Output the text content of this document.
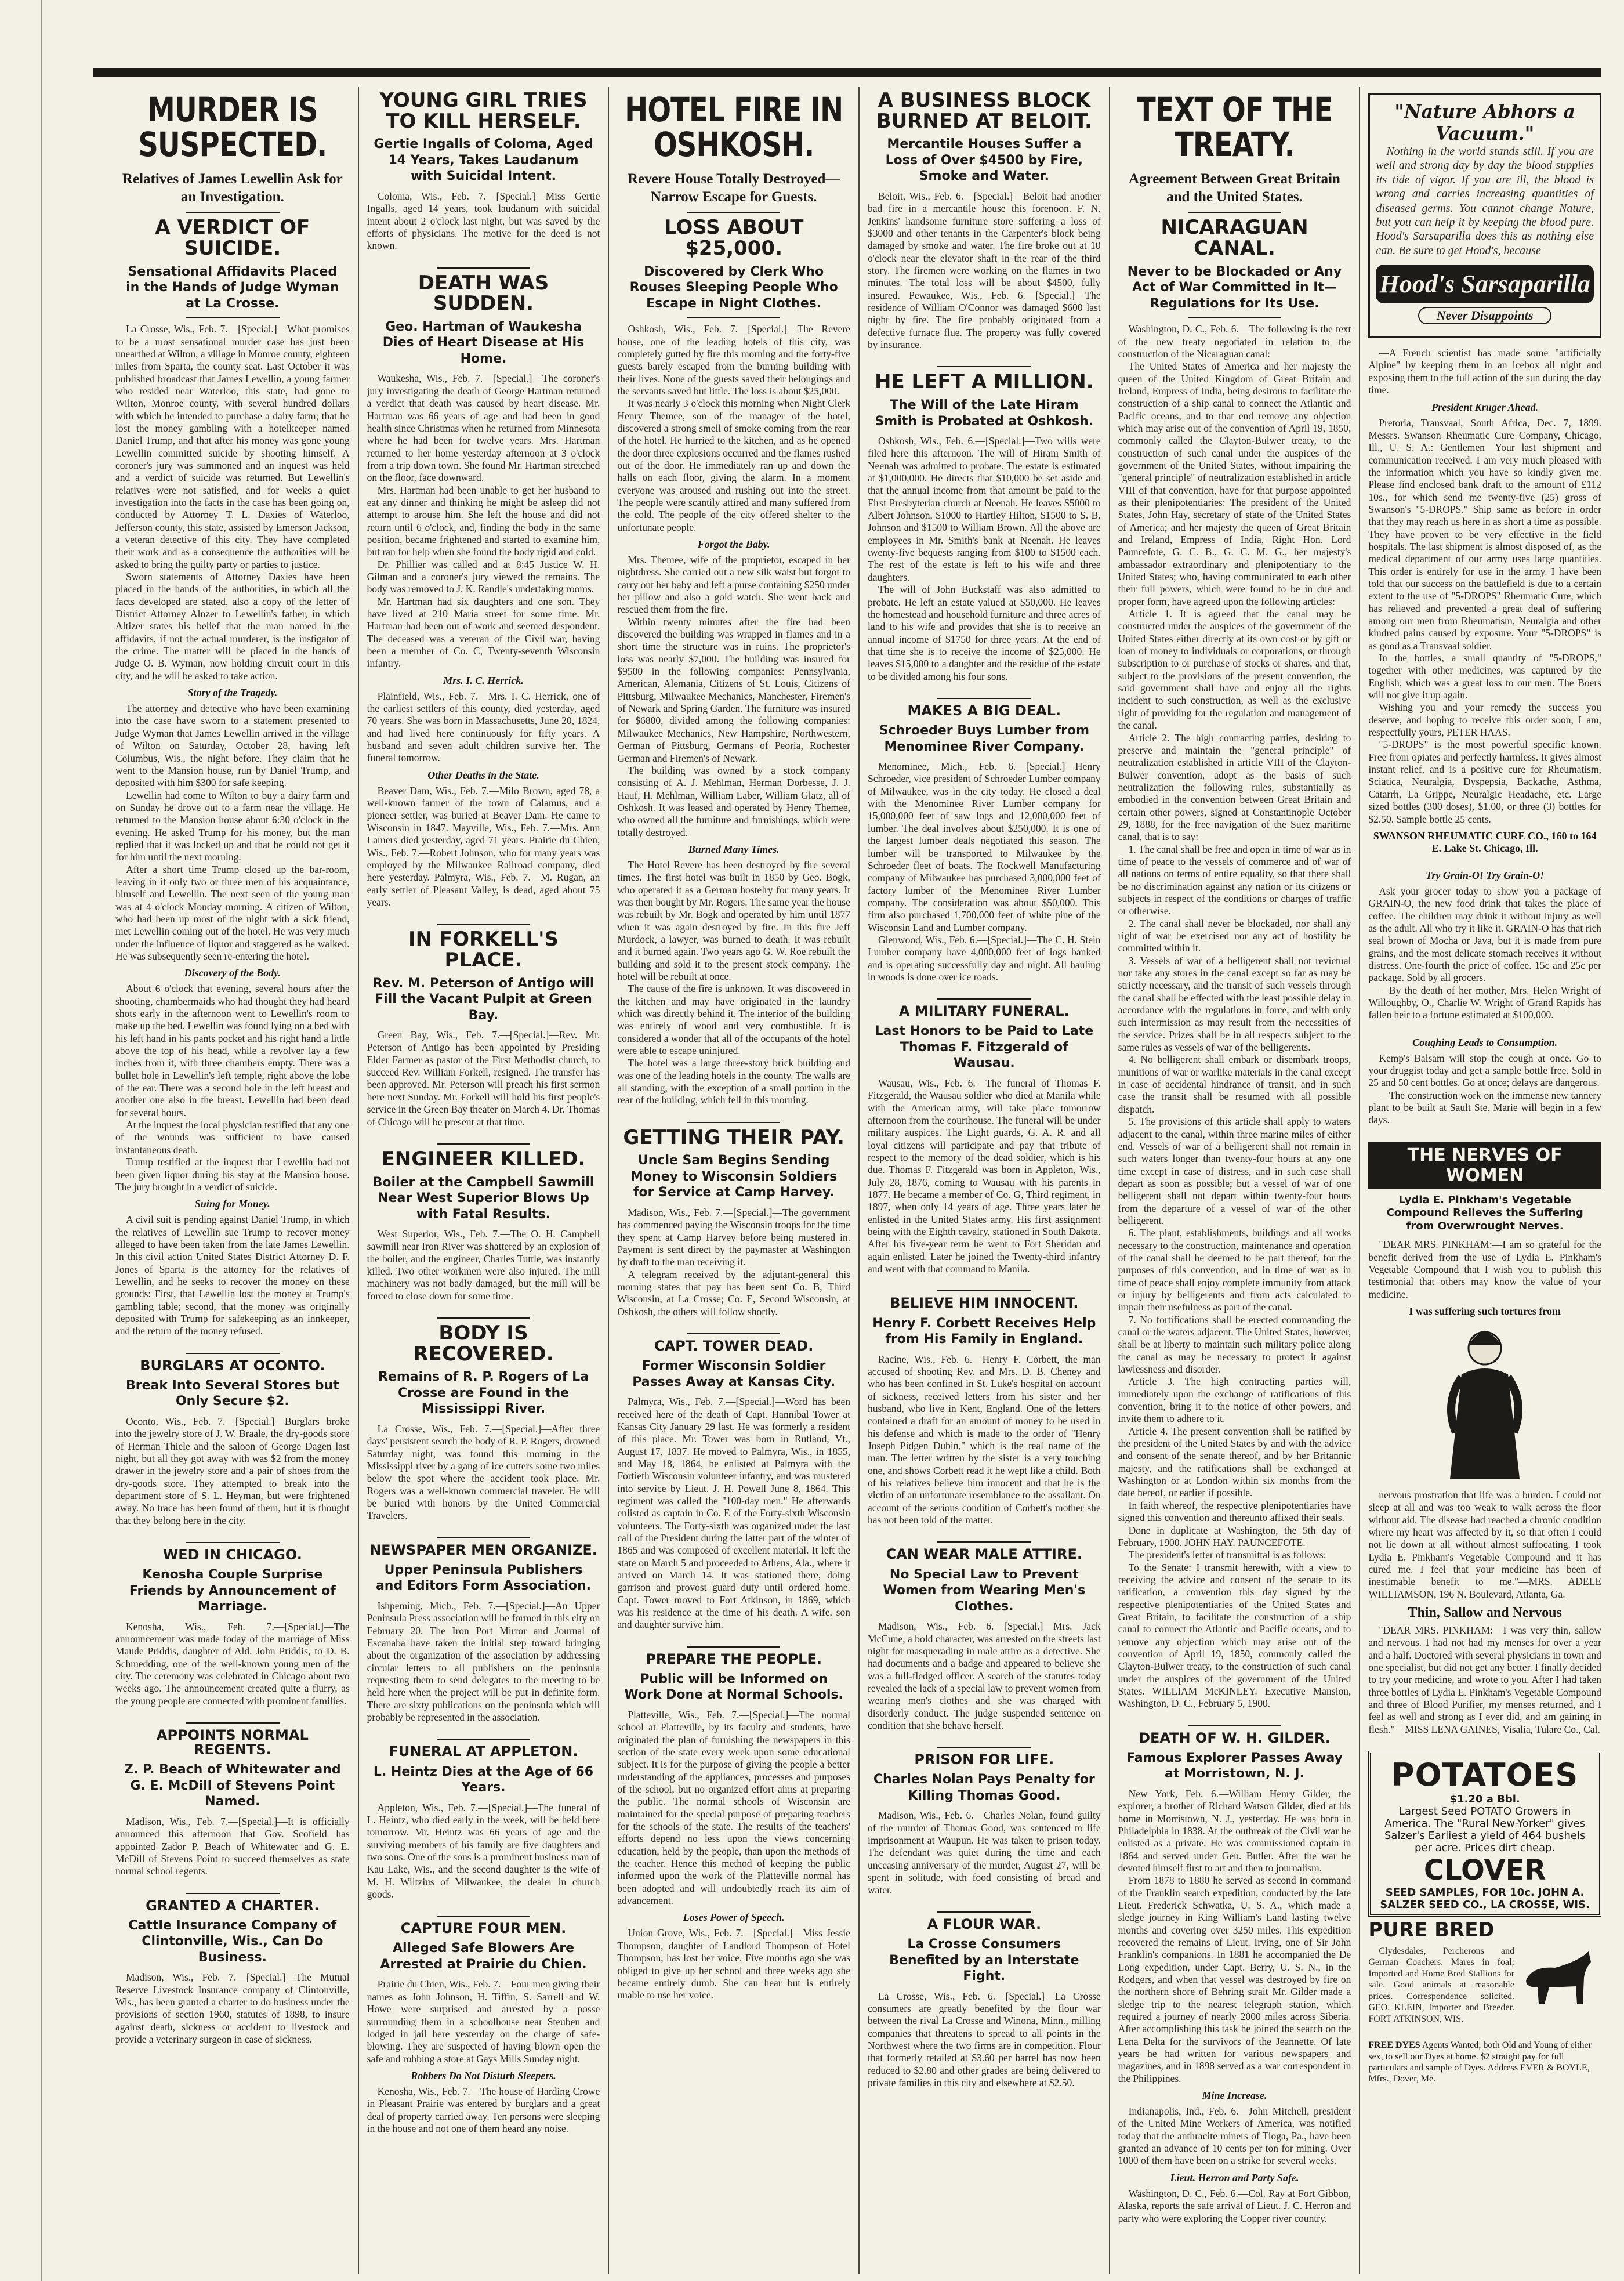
MURDER IS SUSPECTED.
Relatives of James Lewellin Ask for an Investigation.
A VERDICT OF SUICIDE.
Sensational Affidavits Placed in the Hands of Judge Wyman at La Crosse.

La Crosse, Wis., Feb. 7.—[Special.]—What promises to be a most sensational murder case has just been unearthed at Wilton, a village in Monroe county, eighteen miles from Sparta, the county seat. Last October it was published broadcast that James Lewellin, a young farmer who resided near Waterloo, this state, had gone to Wilton, Monroe county, with several hundred dollars with which he intended to purchase a dairy farm; that he lost the money gambling with a hotelkeeper named Daniel Trump, and that after his money was gone young Lewellin committed suicide by shooting himself. A coroner's jury was summoned and an inquest was held and a verdict of suicide was returned. But Lewellin's relatives were not satisfied, and for weeks a quiet investigation into the facts in the case has been going on, conducted by Attorney T. L. Daxies of Waterloo, Jefferson county, this state, assisted by Emerson Jackson, a veteran detective of this city. They have completed their work and as a consequence the authorities will be asked to bring the guilty party or parties to justice.

Sworn statements of Attorney Daxies have been placed in the hands of the authorities, in which all the facts developed are stated, also a copy of the letter of District Attorney Alnzer to Lewellin's father, in which Altizer states his belief that the man named in the affidavits, if not the actual murderer, is the instigator of the crime. The matter will be placed in the hands of Judge O. B. Wyman, now holding circuit court in this city, and he will be asked to take action.

Story of the Tragedy.

The attorney and detective who have been examining into the case have sworn to a statement presented to Judge Wyman that James Lewellin arrived in the village of Wilton on Saturday, October 28, having left Columbus, Wis., the night before. They claim that he went to the Mansion house, run by Daniel Trump, and deposited with him $300 for safe keeping.

Lewellin had come to Wilton to buy a dairy farm and on Sunday he drove out to a farm near the village. He returned to the Mansion house about 6:30 o'clock in the evening. He asked Trump for his money, but the man replied that it was locked up and that he could not get it for him until the next morning.

After a short time Trump closed up the bar-room, leaving in it only two or three men of his acquaintance, himself and Lewellin. The next seen of the young man was at 4 o'clock Monday morning. A citizen of Wilton, who had been up most of the night with a sick friend, met Lewellin coming out of the hotel. He was very much under the influence of liquor and staggered as he walked. He was subsequently seen re-entering the hotel.

Discovery of the Body.

About 6 o'clock that evening, several hours after the shooting, chambermaids who had thought they had heard shots early in the afternoon went to Lewellin's room to make up the bed. Lewellin was found lying on a bed with his left hand in his pants pocket and his right hand a little above the top of his head, while a revolver lay a few inches from it, with three chambers empty. There was a bullet hole in Lewellin's left temple, right above the lobe of the ear. There was a second hole in the left breast and another one also in the breast. Lewellin had been dead for several hours.

At the inquest the local physician testified that any one of the wounds was sufficient to have caused instantaneous death.

Trump testified at the inquest that Lewellin had not been given liquor during his stay at the Mansion house. The jury brought in a verdict of suicide.

Suing for Money.

A civil suit is pending against Daniel Trump, in which the relatives of Lewellin sue Trump to recover money alleged to have been taken from the late James Lewellin. In this civil action United States District Attorney D. F. Jones of Sparta is the attorney for the relatives of Lewellin, and he seeks to recover the money on these grounds: First, that Lewellin lost the money at Trump's gambling table; second, that the money was originally deposited with Trump for safekeeping as an innkeeper, and the return of the money refused.

BURGLARS AT OCONTO.
Break Into Several Stores but Only Secure $2.

Oconto, Wis., Feb. 7.—[Special.]—Burglars broke into the jewelry store of J. W. Braale, the dry-goods store of Herman Thiele and the saloon of George Dagen last night, but all they got away with was $2 from the money drawer in the jewelry store and a pair of shoes from the dry-goods store. They attempted to break into the department store of S. L. Heyman, but were frightened away. No trace has been found of them, but it is thought that they belong here in the city.

WED IN CHICAGO.
Kenosha Couple Surprise Friends by Announcement of Marriage.

Kenosha, Wis., Feb. 7.—[Special.]—The announcement was made today of the marriage of Miss Maude Priddis, daughter of Ald. John Priddis, to D. B. Schmedding, one of the well-known young men of the city. The ceremony was celebrated in Chicago about two weeks ago. The announcement created quite a flurry, as the young people are connected with prominent families.

APPOINTS NORMAL REGENTS.
Z. P. Beach of Whitewater and G. E. McDill of Stevens Point Named.

Madison, Wis., Feb. 7.—[Special.]—It is officially announced this afternoon that Gov. Scofield has appointed Zador P. Beach of Whitewater and G. E. McDill of Stevens Point to succeed themselves as state normal school regents.

GRANTED A CHARTER.
Cattle Insurance Company of Clintonville, Wis., Can Do Business.

Madison, Wis., Feb. 7.—[Special.]—The Mutual Reserve Livestock Insurance company of Clintonville, Wis., has been granted a charter to do business under the provisions of section 1960, statutes of 1898, to insure against death, sickness or accident to livestock and provide a veterinary surgeon in case of sickness.

YOUNG GIRL TRIES TO KILL HERSELF.
Gertie Ingalls of Coloma, Aged 14 Years, Takes Laudanum with Suicidal Intent.

Coloma, Wis., Feb. 7.—[Special.]—Miss Gertie Ingalls, aged 14 years, took laudanum with suicidal intent about 2 o'clock last night, but was saved by the efforts of physicians. The motive for the deed is not known.

DEATH WAS SUDDEN.
Geo. Hartman of Waukesha Dies of Heart Disease at His Home.

Waukesha, Wis., Feb. 7.—[Special.]—The coroner's jury investigating the death of George Hartman returned a verdict that death was caused by heart disease. Mr. Hartman was 66 years of age and had been in good health since Christmas when he returned from Minnesota where he had been for twelve years. Mrs. Hartman returned to her home yesterday afternoon at 3 o'clock from a trip down town. She found Mr. Hartman stretched on the floor, face downward.

Mrs. Hartman had been unable to get her husband to eat any dinner and thinking he might be asleep did not attempt to arouse him. She left the house and did not return until 6 o'clock, and, finding the body in the same position, became frightened and started to examine him, but ran for help when she found the body rigid and cold.

Dr. Phillier was called and at 8:45 Justice W. H. Gilman and a coroner's jury viewed the remains. The body was removed to J. K. Randle's undertaking rooms.

Mr. Hartman had six daughters and one son. They have lived at 210 Maria street for some time. Mr. Hartman had been out of work and seemed despondent. The deceased was a veteran of the Civil war, having been a member of Co. C, Twenty-seventh Wisconsin infantry.

Mrs. I. C. Herrick.

Plainfield, Wis., Feb. 7.—Mrs. I. C. Herrick, one of the earliest settlers of this county, died yesterday, aged 70 years. She was born in Massachusetts, June 20, 1824, and had lived here continuously for fifty years. A husband and seven adult children survive her. The funeral tomorrow.

Other Deaths in the State.

Beaver Dam, Wis., Feb. 7.—Milo Brown, aged 78, a well-known farmer of the town of Calamus, and a pioneer settler, was buried at Beaver Dam. He came to Wisconsin in 1847. Mayville, Wis., Feb. 7.—Mrs. Ann Lamers died yesterday, aged 71 years. Prairie du Chien, Wis., Feb. 7.—Robert Johnson, who for many years was employed by the Milwaukee Railroad company, died here yesterday. Palmyra, Wis., Feb. 7.—M. Rugan, an early settler of Pleasant Valley, is dead, aged about 75 years.

IN FORKELL'S PLACE.
Rev. M. Peterson of Antigo will Fill the Vacant Pulpit at Green Bay.

Green Bay, Wis., Feb. 7.—[Special.]—Rev. Mr. Peterson of Antigo has been appointed by Presiding Elder Farmer as pastor of the First Methodist church, to succeed Rev. William Forkell, resigned. The transfer has been approved. Mr. Peterson will preach his first sermon here next Sunday. Mr. Forkell will hold his first people's service in the Green Bay theater on March 4. Dr. Thomas of Chicago will be present at that time.

ENGINEER KILLED.
Boiler at the Campbell Sawmill Near West Superior Blows Up with Fatal Results.

West Superior, Wis., Feb. 7.—The O. H. Campbell sawmill near Iron River was shattered by an explosion of the boiler, and the engineer, Charles Tuttle, was instantly killed. Two other workmen were also injured. The mill machinery was not badly damaged, but the mill will be forced to close down for some time.

BODY IS RECOVERED.
Remains of R. P. Rogers of La Crosse are Found in the Mississippi River.

La Crosse, Wis., Feb. 7.—[Special.]—After three days' persistent search the body of R. P. Rogers, drowned Saturday night, was found this morning in the Mississippi river by a gang of ice cutters some two miles below the spot where the accident took place. Mr. Rogers was a well-known commercial traveler. He will be buried with honors by the United Commercial Travelers.

NEWSPAPER MEN ORGANIZE.
Upper Peninsula Publishers and Editors Form Association.

Ishpeming, Mich., Feb. 7.—[Special.]—An Upper Peninsula Press association will be formed in this city on February 20. The Iron Port Mirror and Journal of Escanaba have taken the initial step toward bringing about the organization of the association by addressing circular letters to all publishers on the peninsula requesting them to send delegates to the meeting to be held here when the project will be put in definite form. There are sixty publications on the peninsula which will probably be represented in the association.

FUNERAL AT APPLETON.
L. Heintz Dies at the Age of 66 Years.

Appleton, Wis., Feb. 7.—[Special.]—The funeral of L. Heintz, who died early in the week, will be held here tomorrow. Mr. Heintz was 66 years of age and the surviving members of his family are five daughters and two sons. One of the sons is a prominent business man of Kau Lake, Wis., and the second daughter is the wife of M. H. Wiltzius of Milwaukee, the dealer in church goods.

CAPTURE FOUR MEN.
Alleged Safe Blowers Are Arrested at Prairie du Chien.

Prairie du Chien, Wis., Feb. 7.—Four men giving their names as John Johnson, H. Tiffin, S. Sarrell and W. Howe were surprised and arrested by a posse surrounding them in a schoolhouse near Steuben and lodged in jail here yesterday on the charge of safe-blowing. They are suspected of having blown open the safe and robbing a store at Gays Mills Sunday night.

Robbers Do Not Disturb Sleepers.

Kenosha, Wis., Feb. 7.—The house of Harding Crowe in Pleasant Prairie was entered by burglars and a great deal of property carried away. Ten persons were sleeping in the house and not one of them heard any noise.

HOTEL FIRE IN OSHKOSH.
Revere House Totally Destroyed—Narrow Escape for Guests.
LOSS ABOUT $25,000.
Discovered by Clerk Who Rouses Sleeping People Who Escape in Night Clothes.

Oshkosh, Wis., Feb. 7.—[Special.]—The Revere house, one of the leading hotels of this city, was completely gutted by fire this morning and the forty-five guests barely escaped from the burning building with their lives. None of the guests saved their belongings and the servants saved but little. The loss is about $25,000.

It was nearly 3 o'clock this morning when Night Clerk Henry Themee, son of the manager of the hotel, discovered a strong smell of smoke coming from the rear of the hotel. He hurried to the kitchen, and as he opened the door three explosions occurred and the flames rushed out of the door. He immediately ran up and down the halls on each floor, giving the alarm. In a moment everyone was aroused and rushing out into the street. The people were scantily attired and many suffered from the cold. The people of the city offered shelter to the unfortunate people.

Forgot the Baby.

Mrs. Themee, wife of the proprietor, escaped in her nightdress. She carried out a new silk waist but forgot to carry out her baby and left a purse containing $250 under her pillow and also a gold watch. She went back and rescued them from the fire.

Within twenty minutes after the fire had been discovered the building was wrapped in flames and in a short time the structure was in ruins. The proprietor's loss was nearly $7,000. The building was insured for $9500 in the following companies: Pennsylvania, American, Alemania, Citizens of St. Louis, Citizens of Pittsburg, Milwaukee Mechanics, Manchester, Firemen's of Newark and Spring Garden. The furniture was insured for $6800, divided among the following companies: Milwaukee Mechanics, New Hampshire, Northwestern, German of Pittsburg, Germans of Peoria, Rochester German and Firemen's of Newark.

The building was owned by a stock company consisting of A. J. Mehlman, Herman Dorbesse, J. J. Hauf, H. Mehlman, William Laber, William Glatz, all of Oshkosh. It was leased and operated by Henry Themee, who owned all the furniture and furnishings, which were totally destroyed.

Burned Many Times.

The Hotel Revere has been destroyed by fire several times. The first hotel was built in 1850 by Geo. Bogk, who operated it as a German hostelry for many years. It was then bought by Mr. Rogers. The same year the house was rebuilt by Mr. Bogk and operated by him until 1877 when it was again destroyed by fire. In this fire Jeff Murdock, a lawyer, was burned to death. It was rebuilt and it burned again. Two years ago G. W. Roe rebuilt the building and sold it to the present stock company. The hotel will be rebuilt at once.

The cause of the fire is unknown. It was discovered in the kitchen and may have originated in the laundry which was directly behind it. The interior of the building was entirely of wood and very combustible. It is considered a wonder that all of the occupants of the hotel were able to escape uninjured.

The hotel was a large three-story brick building and was one of the leading hotels in the county. The walls are all standing, with the exception of a small portion in the rear of the building, which fell in this morning.

GETTING THEIR PAY.
Uncle Sam Begins Sending Money to Wisconsin Soldiers for Service at Camp Harvey.

Madison, Wis., Feb. 7.—[Special.]—The government has commenced paying the Wisconsin troops for the time they spent at Camp Harvey before being mustered in. Payment is sent direct by the paymaster at Washington by draft to the man receiving it.

A telegram received by the adjutant-general this morning states that pay has been sent Co. B, Third Wisconsin, at La Crosse; Co. E, Second Wisconsin, at Oshkosh, the others will follow shortly.

CAPT. TOWER DEAD.
Former Wisconsin Soldier Passes Away at Kansas City.

Palmyra, Wis., Feb. 7.—[Special.]—Word has been received here of the death of Capt. Hannibal Tower at Kansas City January 29 last. He was formerly a resident of this place. Mr. Tower was born in Rutland, Vt., August 17, 1837. He moved to Palmyra, Wis., in 1855, and May 18, 1864, he enlisted at Palmyra with the Fortieth Wisconsin volunteer infantry, and was mustered into service by Lieut. J. H. Powell June 8, 1864. This regiment was called the "100-day men." He afterwards enlisted as captain in Co. E of the Forty-sixth Wisconsin volunteers. The Forty-sixth was organized under the last call of the President during the latter part of the winter of 1865 and was composed of excellent material. It left the state on March 5 and proceeded to Athens, Ala., where it arrived on March 14. It was stationed there, doing garrison and provost guard duty until ordered home. Capt. Tower moved to Fort Atkinson, in 1869, which was his residence at the time of his death. A wife, son and daughter survive him.

PREPARE THE PEOPLE.
Public will be Informed on Work Done at Normal Schools.

Platteville, Wis., Feb. 7.—[Special.]—The normal school at Platteville, by its faculty and students, have originated the plan of furnishing the newspapers in this section of the state every week upon some educational subject. It is for the purpose of giving the people a better understanding of the appliances, processes and purposes of the school, but no organized effort aims at preparing the public. The normal schools of Wisconsin are maintained for the special purpose of preparing teachers for the schools of the state. The results of the teachers' efforts depend no less upon the views concerning education, held by the people, than upon the methods of the teacher. Hence this method of keeping the public informed upon the work of the Platteville normal has been adopted and will undoubtedly reach its aim of advancement.

Loses Power of Speech.

Union Grove, Wis., Feb. 7.—[Special.]—Miss Jessie Thompson, daughter of Landlord Thompson of Hotel Thompson, has lost her voice. Five months ago she was obliged to give up her school and three weeks ago she became entirely dumb. She can hear but is entirely unable to use her voice.

A BUSINESS BLOCK BURNED AT BELOIT.
Mercantile Houses Suffer a Loss of Over $4500 by Fire, Smoke and Water.

Beloit, Wis., Feb. 6.—[Special.]—Beloit had another bad fire in a mercantile house this forenoon. F. N. Jenkins' handsome furniture store suffering a loss of $3000 and other tenants in the Carpenter's block being damaged by smoke and water. The fire broke out at 10 o'clock near the elevator shaft in the rear of the third story. The firemen were working on the flames in two minutes. The total loss will be about $4500, fully insured. Pewaukee, Wis., Feb. 6.—[Special.]—The residence of William O'Connor was damaged $600 last night by fire. The fire probably originated from a defective furnace flue. The property was fully covered by insurance.

HE LEFT A MILLION.
The Will of the Late Hiram Smith is Probated at Oshkosh.

Oshkosh, Wis., Feb. 6.—[Special.]—Two wills were filed here this afternoon. The will of Hiram Smith of Neenah was admitted to probate. The estate is estimated at $1,000,000. He directs that $10,000 be set aside and that the annual income from that amount be paid to the First Presbyterian church at Neenah. He leaves $5000 to Albert Johnson, $1000 to Hartley Hilton, $1500 to S. B. Johnson and $1500 to William Brown. All the above are employees in Mr. Smith's bank at Neenah. He leaves twenty-five bequests ranging from $100 to $1500 each. The rest of the estate is left to his wife and three daughters.

The will of John Buckstaff was also admitted to probate. He left an estate valued at $50,000. He leaves the homestead and household furniture and three acres of land to his wife and provides that she is to receive an annual income of $1750 for three years. At the end of that time she is to receive the income of $25,000. He leaves $15,000 to a daughter and the residue of the estate to be divided among his four sons.

MAKES A BIG DEAL.
Schroeder Buys Lumber from Menominee River Company.

Menominee, Mich., Feb. 6.—[Special.]—Henry Schroeder, vice president of Schroeder Lumber company of Milwaukee, was in the city today. He closed a deal with the Menominee River Lumber company for 15,000,000 feet of saw logs and 12,000,000 feet of lumber. The deal involves about $250,000. It is one of the largest lumber deals negotiated this season. The lumber will be transported to Milwaukee by the Schroeder fleet of boats. The Rockwell Manufacturing company of Milwaukee has purchased 3,000,000 feet of factory lumber of the Menominee River Lumber company. The consideration was about $50,000. This firm also purchased 1,700,000 feet of white pine of the Wisconsin Land and Lumber company.

Glenwood, Wis., Feb. 6.—[Special.]—The C. H. Stein Lumber company have 4,000,000 feet of logs banked and is operating successfully day and night. All hauling in woods is done over ice roads.

A MILITARY FUNERAL.
Last Honors to be Paid to Late Thomas F. Fitzgerald of Wausau.

Wausau, Wis., Feb. 6.—The funeral of Thomas F. Fitzgerald, the Wausau soldier who died at Manila while with the American army, will take place tomorrow afternoon from the courthouse. The funeral will be under military auspices. The Light guards, G. A. R. and all loyal citizens will participate and pay that tribute of respect to the memory of the dead soldier, which is his due. Thomas F. Fitzgerald was born in Appleton, Wis., July 28, 1876, coming to Wausau with his parents in 1877. He became a member of Co. G, Third regiment, in 1897, when only 14 years of age. Three years later he enlisted in the United States army. His first assignment being with the Eighth cavalry, stationed in South Dakota. After his five-year term he went to Fort Sheridan and again enlisted. Later he joined the Twenty-third infantry and went with that command to Manila.

BELIEVE HIM INNOCENT.
Henry F. Corbett Receives Help from His Family in England.

Racine, Wis., Feb. 6.—Henry F. Corbett, the man accused of shooting Rev. and Mrs. D. B. Cheney and who has been confined in St. Luke's hospital on account of sickness, received letters from his sister and her husband, who live in Kent, England. One of the letters contained a draft for an amount of money to be used in his defense and which is made to the order of "Henry Joseph Pidgen Dubin," which is the real name of the man. The letter written by the sister is a very touching one, and shows Corbett read it he wept like a child. Both of his relatives believe him innocent and that he is the victim of an unfortunate resemblance to the assailant. On account of the serious condition of Corbett's mother she has not been told of the matter.

CAN WEAR MALE ATTIRE.
No Special Law to Prevent Women from Wearing Men's Clothes.

Madison, Wis., Feb. 6.—[Special.]—Mrs. Jack McCune, a bold character, was arrested on the streets last night for masquerading in male attire as a detective. She had documents and a badge and appeared to believe she was a full-fledged officer. A search of the statutes today revealed the lack of a special law to prevent women from wearing men's clothes and she was charged with disorderly conduct. The judge suspended sentence on condition that she behave herself.

PRISON FOR LIFE.
Charles Nolan Pays Penalty for Killing Thomas Good.

Madison, Wis., Feb. 6.—Charles Nolan, found guilty of the murder of Thomas Good, was sentenced to life imprisonment at Waupun. He was taken to prison today. The defendant was quiet during the time and each unceasing anniversary of the murder, August 27, will be spent in solitude, with food consisting of bread and water.

A FLOUR WAR.
La Crosse Consumers Benefited by an Interstate Fight.

La Crosse, Wis., Feb. 6.—[Special.]—La Crosse consumers are greatly benefited by the flour war between the rival La Crosse and Winona, Minn., milling companies that threatens to spread to all points in the Northwest where the two firms are in competition. Flour that formerly retailed at $3.60 per barrel has now been reduced to $2.80 and other grades are being delivered to private families in this city and elsewhere at $2.50.

TEXT OF THE TREATY.
Agreement Between Great Britain and the United States.
NICARAGUAN CANAL.
Never to be Blockaded or Any Act of War Committed in It—Regulations for Its Use.

Washington, D. C., Feb. 6.—The following is the text of the new treaty negotiated in relation to the construction of the Nicaraguan canal:

The United States of America and her majesty the queen of the United Kingdom of Great Britain and Ireland, Empress of India, being desirous to facilitate the construction of a ship canal to connect the Atlantic and Pacific oceans, and to that end remove any objection which may arise out of the convention of April 19, 1850, commonly called the Clayton-Bulwer treaty, to the construction of such canal under the auspices of the government of the United States, without impairing the "general principle" of neutralization established in article VIII of that convention, have for that purpose appointed as their plenipotentiaries: The president of the United States, John Hay, secretary of state of the United States of America; and her majesty the queen of Great Britain and Ireland, Empress of India, Right Hon. Lord Pauncefote, G. C. B., G. C. M. G., her majesty's ambassador extraordinary and plenipotentiary to the United States; who, having communicated to each other their full powers, which were found to be in due and proper form, have agreed upon the following articles:

Article 1. It is agreed that the canal may be constructed under the auspices of the government of the United States either directly at its own cost or by gift or loan of money to individuals or corporations, or through subscription to or purchase of stocks or shares, and that, subject to the provisions of the present convention, the said government shall have and enjoy all the rights incident to such construction, as well as the exclusive right of providing for the regulation and management of the canal.

Article 2. The high contracting parties, desiring to preserve and maintain the "general principle" of neutralization established in article VIII of the Clayton-Bulwer convention, adopt as the basis of such neutralization the following rules, substantially as embodied in the convention between Great Britain and certain other powers, signed at Constantinople October 29, 1888, for the free navigation of the Suez maritime canal, that is to say:

1. The canal shall be free and open in time of war as in time of peace to the vessels of commerce and of war of all nations on terms of entire equality, so that there shall be no discrimination against any nation or its citizens or subjects in respect of the conditions or charges of traffic or otherwise.

2. The canal shall never be blockaded, nor shall any right of war be exercised nor any act of hostility be committed within it.

3. Vessels of war of a belligerent shall not revictual nor take any stores in the canal except so far as may be strictly necessary, and the transit of such vessels through the canal shall be effected with the least possible delay in accordance with the regulations in force, and with only such intermission as may result from the necessities of the service. Prizes shall be in all respects subject to the same rules as vessels of war of the belligerents.

4. No belligerent shall embark or disembark troops, munitions of war or warlike materials in the canal except in case of accidental hindrance of transit, and in such case the transit shall be resumed with all possible dispatch.

5. The provisions of this article shall apply to waters adjacent to the canal, within three marine miles of either end. Vessels of war of a belligerent shall not remain in such waters longer than twenty-four hours at any one time except in case of distress, and in such case shall depart as soon as possible; but a vessel of war of one belligerent shall not depart within twenty-four hours from the departure of a vessel of war of the other belligerent.

6. The plant, establishments, buildings and all works necessary to the construction, maintenance and operation of the canal shall be deemed to be part thereof, for the purposes of this convention, and in time of war as in time of peace shall enjoy complete immunity from attack or injury by belligerents and from acts calculated to impair their usefulness as part of the canal.

7. No fortifications shall be erected commanding the canal or the waters adjacent. The United States, however, shall be at liberty to maintain such military police along the canal as may be necessary to protect it against lawlessness and disorder.

Article 3. The high contracting parties will, immediately upon the exchange of ratifications of this convention, bring it to the notice of other powers, and invite them to adhere to it.

Article 4. The present convention shall be ratified by the president of the United States by and with the advice and consent of the senate thereof, and by her Britannic majesty, and the ratifications shall be exchanged at Washington or at London within six months from the date hereof, or earlier if possible.

In faith whereof, the respective plenipotentiaries have signed this convention and thereunto affixed their seals.

Done in duplicate at Washington, the 5th day of February, 1900. JOHN HAY. PAUNCEFOTE.

The president's letter of transmittal is as follows:

To the Senate: I transmit herewith, with a view to receiving the advice and consent of the senate to its ratification, a convention this day signed by the respective plenipotentiaries of the United States and Great Britain, to facilitate the construction of a ship canal to connect the Atlantic and Pacific oceans, and to remove any objection which may arise out of the convention of April 19, 1850, commonly called the Clayton-Bulwer treaty, to the construction of such canal under the auspices of the government of the United States. WILLIAM McKINLEY. Executive Mansion, Washington, D. C., February 5, 1900.

DEATH OF W. H. GILDER.
Famous Explorer Passes Away at Morristown, N. J.

New York, Feb. 6.—William Henry Gilder, the explorer, a brother of Richard Watson Gilder, died at his home in Morristown, N. J., yesterday. He was born in Philadelphia in 1838. At the outbreak of the Civil war he enlisted as a private. He was commissioned captain in 1864 and served under Gen. Butler. After the war he devoted himself first to art and then to journalism.

From 1878 to 1880 he served as second in command of the Franklin search expedition, conducted by the late Lieut. Frederick Schwatka, U. S. A., which made a sledge journey in King William's Land lasting twelve months and covering over 3250 miles. This expedition recovered the remains of Lieut. Irving, one of Sir John Franklin's companions. In 1881 he accompanied the De Long expedition, under Capt. Berry, U. S. N., in the Rodgers, and when that vessel was destroyed by fire on the northern shore of Behring strait Mr. Gilder made a sledge trip to the nearest telegraph station, which required a journey of nearly 2000 miles across Siberia. After accomplishing this task he joined the search on the Lena Delta for the survivors of the Jeannette. Of late years he had written for various newspapers and magazines, and in 1898 served as a war correspondent in the Philippines.

Mine Increase.

Indianapolis, Ind., Feb. 6.—John Mitchell, president of the United Mine Workers of America, was notified today that the anthracite miners of Tioga, Pa., have been granted an advance of 10 cents per ton for mining. Over 1000 of them have been on a strike for several weeks.

Lieut. Herron and Party Safe.

Washington, D. C., Feb. 6.—Col. Ray at Fort Gibbon, Alaska, reports the safe arrival of Lieut. J. C. Herron and party who were exploring the Copper river country.

"Nature Abhors a Vacuum."

Nothing in the world stands still. If you are well and strong day by day the blood supplies its tide of vigor. If you are ill, the blood is wrong and carries increasing quantities of diseased germs. You cannot change Nature, but you can help it by keeping the blood pure. Hood's Sarsaparilla does this as nothing else can. Be sure to get Hood's, because

Hood's Sarsaparilla
Never Disappoints

—A French scientist has made some "artificially Alpine" by keeping them in an icebox all night and exposing them to the full action of the sun during the day time.

President Kruger Ahead.

Pretoria, Transvaal, South Africa, Dec. 7, 1899. Messrs. Swanson Rheumatic Cure Company, Chicago, Ill., U. S. A.: Gentlemen—Your last shipment and communication received. I am very much pleased with the information which you have so kindly given me. Please find enclosed bank draft to the amount of £112 10s., for which send me twenty-five (25) gross of Swanson's "5-DROPS." Ship same as before in order that they may reach us here in as short a time as possible. They have proven to be very effective in the field hospitals. The last shipment is almost disposed of, as the medical department of our army uses large quantities. This order is entirely for use in the army. I have been told that our success on the battlefield is due to a certain extent to the use of "5-DROPS" Rheumatic Cure, which has relieved and prevented a great deal of suffering among our men from Rheumatism, Neuralgia and other kindred pains caused by exposure. Your "5-DROPS" is as good as a Transvaal soldier.

In the bottles, a small quantity of "5-DROPS," together with other medicines, was captured by the English, which was a great loss to our men. The Boers will not give it up again.

Wishing you and your remedy the success you deserve, and hoping to receive this order soon, I am, respectfully yours, PETER HAAS.

"5-DROPS" is the most powerful specific known. Free from opiates and perfectly harmless. It gives almost instant relief, and is a positive cure for Rheumatism, Sciatica, Neuralgia, Dyspepsia, Backache, Asthma, Catarrh, La Grippe, Neuralgic Headache, etc. Large sized bottles (300 doses), $1.00, or three (3) bottles for $2.50. Sample bottle 25 cents.

SWANSON RHEUMATIC CURE CO., 160 to 164 E. Lake St. Chicago, Ill.
Try Grain-O! Try Grain-O!

Ask your grocer today to show you a package of GRAIN-O, the new food drink that takes the place of coffee. The children may drink it without injury as well as the adult. All who try it like it. GRAIN-O has that rich seal brown of Mocha or Java, but it is made from pure grains, and the most delicate stomach receives it without distress. One-fourth the price of coffee. 15c and 25c per package. Sold by all grocers.

—By the death of her mother, Mrs. Helen Wright of Willoughby, O., Charlie W. Wright of Grand Rapids has fallen heir to a fortune estimated at $100,000.

Coughing Leads to Consumption.

Kemp's Balsam will stop the cough at once. Go to your druggist today and get a sample bottle free. Sold in 25 and 50 cent bottles. Go at once; delays are dangerous.

—The construction work on the immense new tannery plant to be built at Sault Ste. Marie will begin in a few days.

THE NERVES OF WOMEN
Lydia E. Pinkham's Vegetable Compound Relieves the Suffering from Overwrought Nerves.

"DEAR MRS. PINKHAM:—I am so grateful for the benefit derived from the use of Lydia E. Pinkham's Vegetable Compound that I wish you to publish this testimonial that others may know the value of your medicine.

I was suffering such tortures from

nervous prostration that life was a burden. I could not sleep at all and was too weak to walk across the floor without aid. The disease had reached a chronic condition where my heart was affected by it, so that often I could not lie down at all without almost suffocating. I took Lydia E. Pinkham's Vegetable Compound and it has cured me. I feel that your medicine has been of inestimable benefit to me."—MRS. ADELE WILLIAMSON, 196 N. Boulevard, Atlanta, Ga.

Thin, Sallow and Nervous

"DEAR MRS. PINKHAM:—I was very thin, sallow and nervous. I had not had my menses for over a year and a half. Doctored with several physicians in town and one specialist, but did not get any better. I finally decided to try your medicine, and wrote to you. After I had taken three bottles of Lydia E. Pinkham's Vegetable Compound and three of Blood Purifier, my menses returned, and I feel as well and strong as I ever did, and am gaining in flesh."—MISS LENA GAINES, Visalia, Tulare Co., Cal.

POTATOES
$1.20 a Bbl.
Largest Seed POTATO Growers in America. The "Rural New-Yorker" gives Salzer's Earliest a yield of 464 bushels per acre. Prices dirt cheap.
CLOVER
SEED SAMPLES, FOR 10c. JOHN A. SALZER SEED CO., LA CROSSE, WIS.
PURE BRED

Clydesdales, Percherons and German Coachers. Mares in foal; Imported and Home Bred Stallions for sale. Good animals at reasonable prices. Correspondence solicited. GEO. KLEIN, Importer and Breeder. FORT ATKINSON, WIS.

FREE DYES Agents Wanted, both Old and Young of either sex, to sell our Dyes at home. $2 straight pay for full particulars and sample of Dyes. Address EVER & BOYLE, Mfrs., Dover, Me.
